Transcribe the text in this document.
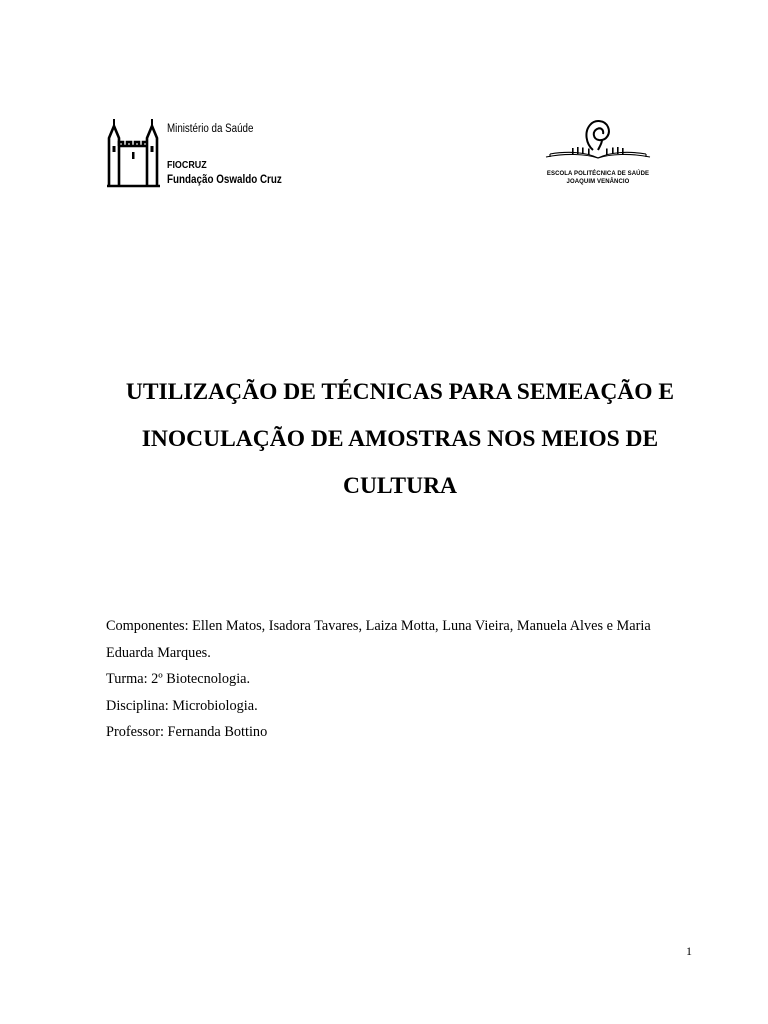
Ministério da Saúde
FIOCRUZ
Fundação Oswaldo Cruz	ESCOLA POLITÉCNICA DE SAÚDE
JOAQUIM VENÂNCIO
UTILIZAÇÃO DE TÉCNICAS PARA SEMEAÇÃO E
INOCULAÇÃO DE AMOSTRAS NOS MEIOS DE
CULTURA

Componentes: Ellen Matos, Isadora Tavares, Laiza Motta, Luna Vieira, Manuela Alves e Maria

Eduarda Marques.

Turma: 2º Biotecnologia.

Disciplina: Microbiologia.

Professor: Fernanda Bottino

1
